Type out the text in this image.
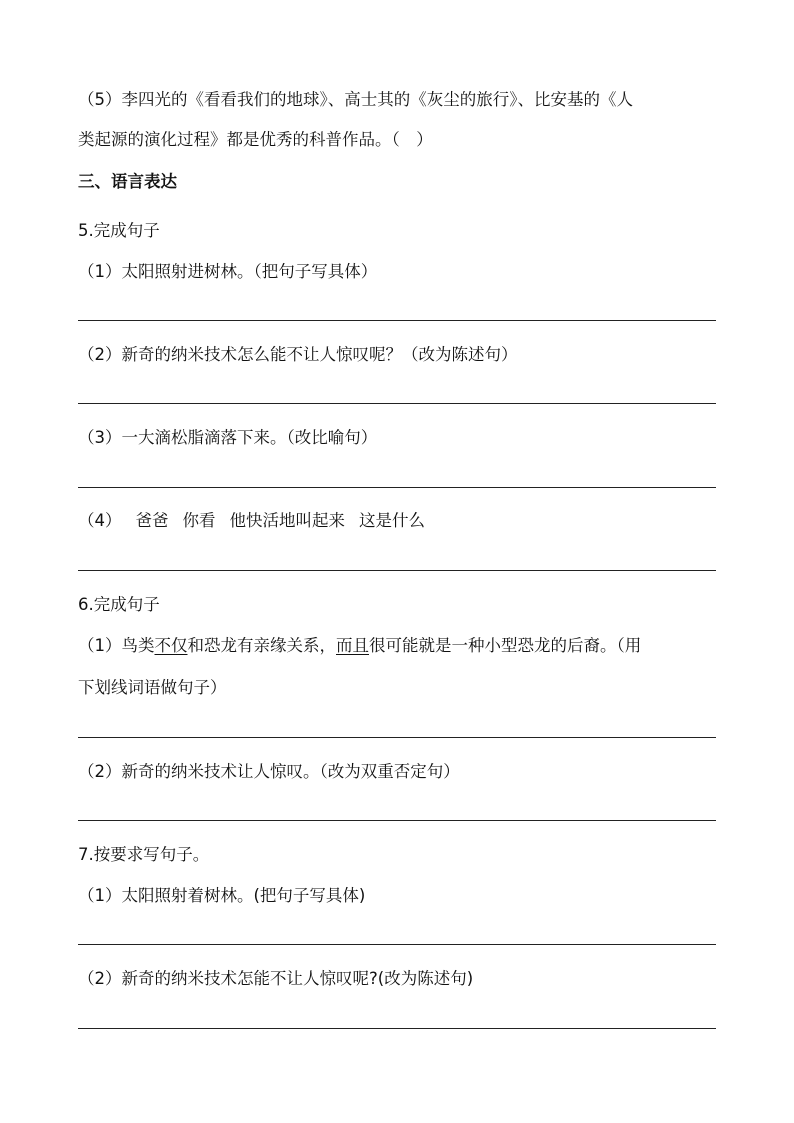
（5）李四光的《看看我们的地球》、高士其的《灰尘的旅行》、比安基的《人
类起源的演化过程》都是优秀的科普作品。（　）
三、语言表达
5.完成句子
（1）太阳照射进树林。（把句子写具体）
（2）新奇的纳米技术怎么能不让人惊叹呢？（改为陈述句）
（3）一大滴松脂滴落下来。（改比喻句）
（4） 爸爸 你看 他快活地叫起来 这是什么
6.完成句子
（1）鸟类不仅和恐龙有亲缘关系，而且很可能就是一种小型恐龙的后裔。（用
下划线词语做句子）
（2）新奇的纳米技术让人惊叹。（改为双重否定句）
7.按要求写句子。
（1）太阳照射着树林。(把句子写具体)
（2）新奇的纳米技术怎能不让人惊叹呢?(改为陈述句)
